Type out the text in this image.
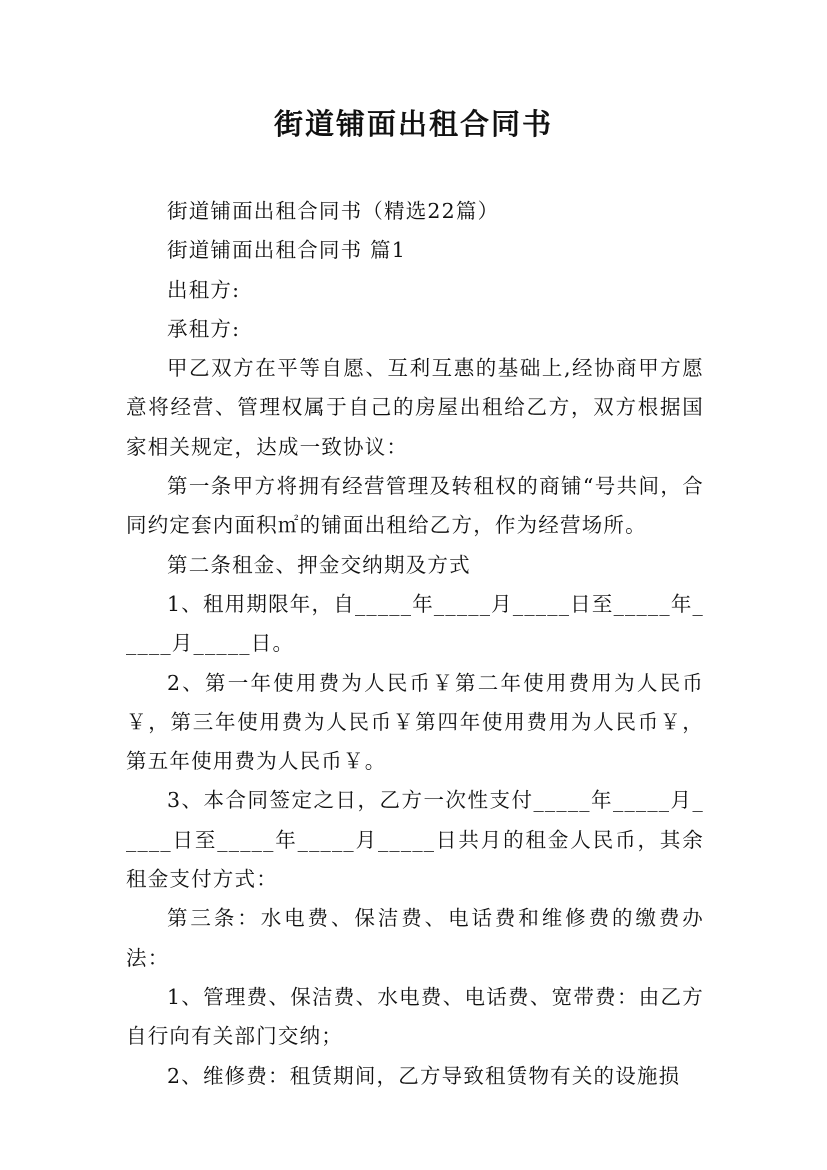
街道铺面出租合同书

街道铺面出租合同书（精选22篇）

街道铺面出租合同书 篇1

出租方:

承租方:

甲乙双方在平等自愿、互利互惠的基础上,经协商甲方愿意将经营、管理权属于自己的房屋出租给乙方，双方根据国家相关规定，达成一致协议：

第一条甲方将拥有经营管理及转租权的商铺“号共间，合同约定套内面积㎡的铺面出租给乙方，作为经营场所。

第二条租金、押金交纳期及方式

1、租用期限年，自_____年_____月_____日至_____年_____月_____日。

2、第一年使用费为人民币￥第二年使用费用为人民币￥，第三年使用费为人民币￥第四年使用费用为人民币￥，第五年使用费为人民币￥。

3、本合同签定之日，乙方一次性支付_____年_____月_____日至_____年_____月_____日共月的租金人民币，其余租金支付方式：

第三条：水电费、保洁费、电话费和维修费的缴费办法：

1、管理费、保洁费、水电费、电话费、宽带费：由乙方自行向有关部门交纳；

2、维修费：租赁期间，乙方导致租赁物有关的设施损
